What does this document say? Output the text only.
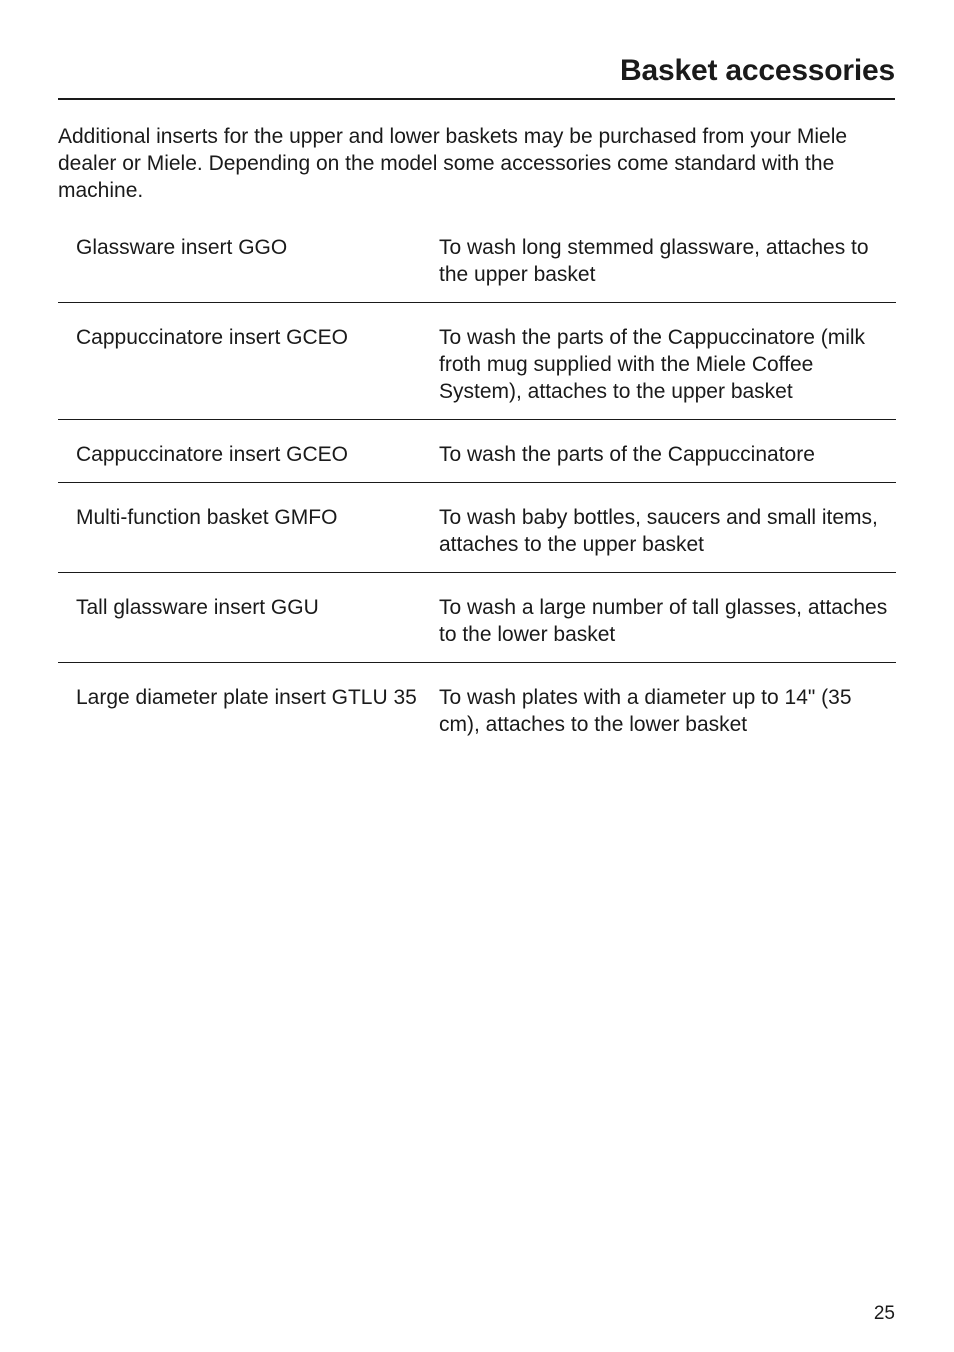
Basket accessories

Additional inserts for the upper and lower baskets may be purchased from your Miele dealer or Miele. Depending on the model some accessories come standard with the machine.

Glassware insert GGO	To wash long stemmed glassware, attaches to the upper basket
Cappuccinatore insert GCEO	To wash the parts of the Cappuccinatore (milk froth mug supplied with the Miele Coffee System), attaches to the upper basket
Cappuccinatore insert GCEO	To wash the parts of the Cappuccinatore
Multi-function basket GMFO	To wash baby bottles, saucers and small items, attaches to the upper basket
Tall glassware insert GGU	To wash a large number of tall glasses, attaches to the lower basket
Large diameter plate insert GTLU 35	To wash plates with a diameter up to 14" (35 cm), attaches to the lower basket
25
